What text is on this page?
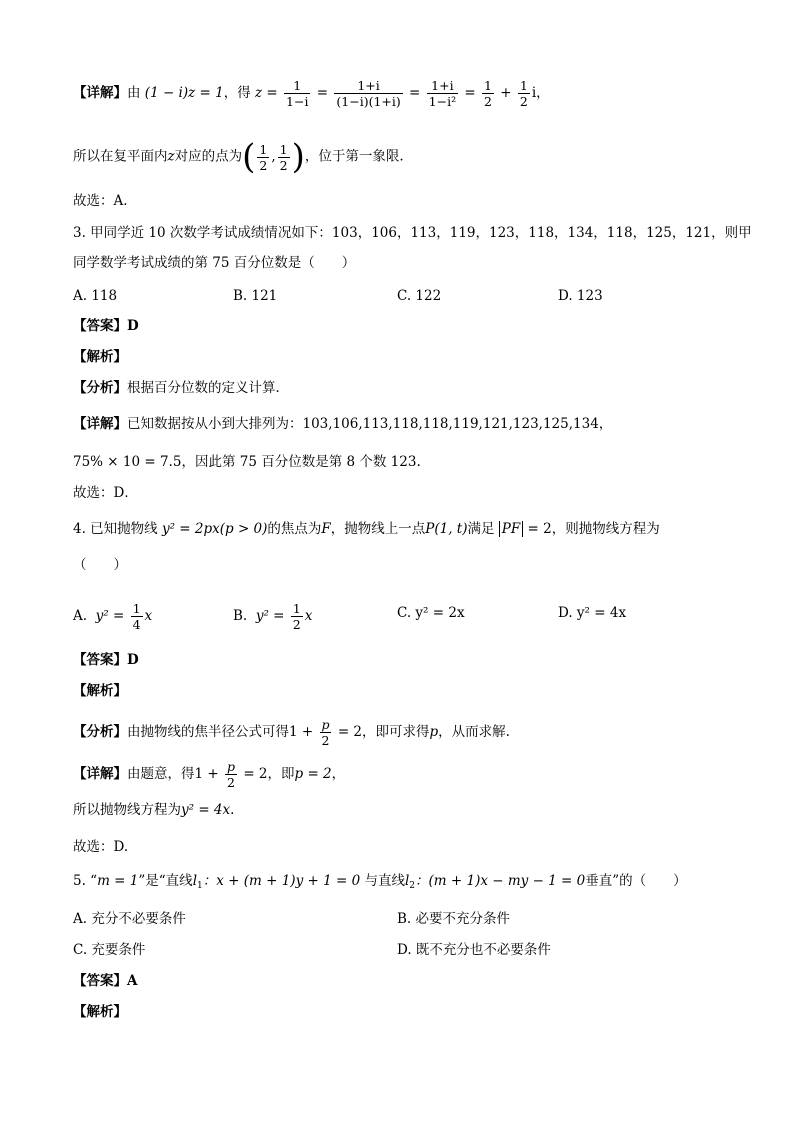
【详解】由 (1 − i)z = 1，得 $z = \frac{1}{1-i} = \frac{1+i}{(1-i)(1+i)} = \frac{1+i}{\text{1−i²}} = \frac{1}{2} + \frac{1}{2}$ i，
所以在复平面内z对应的点为( $\frac{1}{2}$ , $\frac{1}{2}$ )，位于第一象限.
故选：A.
3. 甲同学近 10 次数学考试成绩情况如下：103，106，113，119，123，118，134，118，125，121，则甲
同学数学考试成绩的第 75 百分位数是（　　）
A. 118	B. 121	C. 122	D. 123
【答案】D
【解析】
【分析】根据百分位数的定义计算．
【详解】已知数据按从小到大排列为：103,106,113,118,118,119,121,123,125,134，
75% × 10 = 7.5，因此第 75 百分位数是第 8 个数 123.
故选：D．
4. 已知抛物线 y² = 2px(p > 0)的焦点为F，抛物线上一点P(1, t)满足 PF = 2，则抛物线方程为
（　　）
A. $y^2 = \frac{1}{4}$ x	B. $y^2 = \frac{1}{2}$ x	C. y² = 2x	D. y² = 4x
【答案】D
【解析】
【分析】由抛物线的焦半径公式可得$1 + \frac{p}{2} = 2$，即可求得p，从而求解.
【详解】由题意，得$1 + \frac{p}{2} = 2$，即p = 2，
所以抛物线方程为y² = 4x.
故选：D.
5. “m = 1”是“直线$l_1$：x + (m + 1)y + 1 = 0 与直线$l_2$：(m + 1)x − my − 1 = 0垂直”的（　　）
A. 充分不必要条件	B. 必要不充分条件
C. 充要条件	D. 既不充分也不必要条件
【答案】A
【解析】
